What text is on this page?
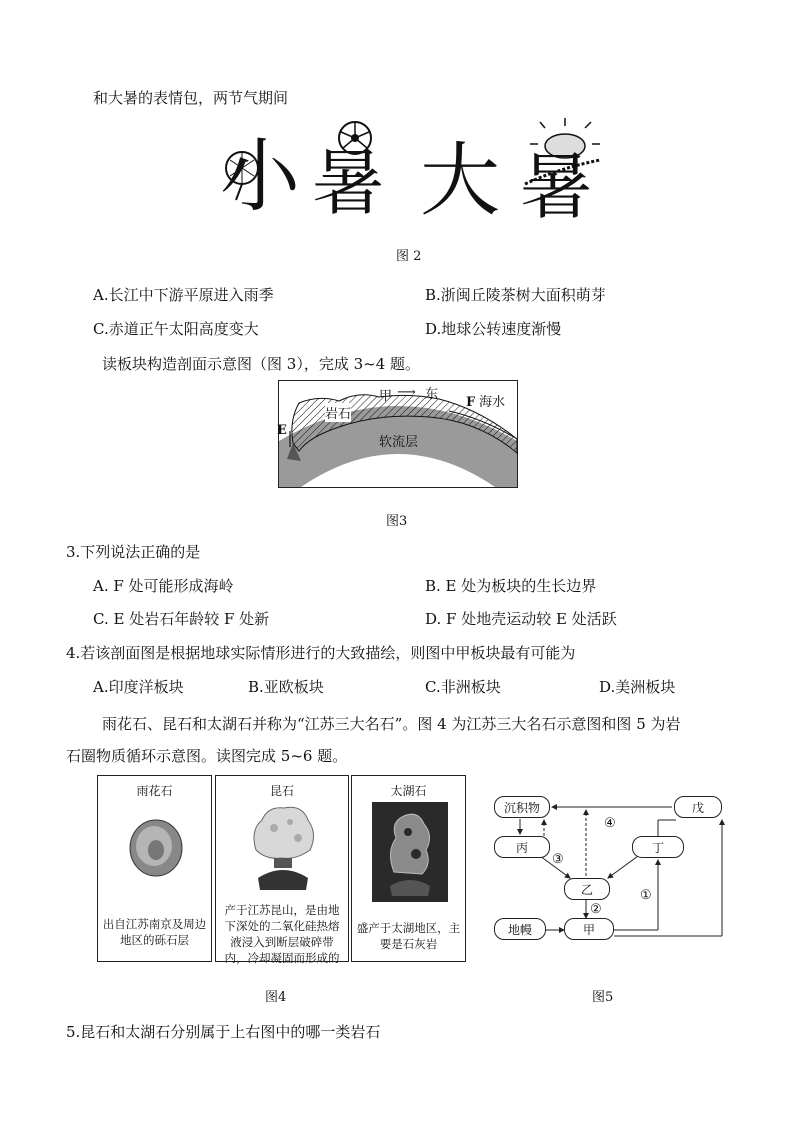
和大暑的表情包，两节气期间
小 暑 大 暑
图 2
A.长江中下游平原进入雨季	B.浙闽丘陵茶树大面积萌芽
C.赤道正午太阳高度变大	D.地球公转速度渐慢
读板块构造剖面示意图（图 3），完成 3~4 题。
甲 ⟶ 东
岩石
海水
F
E
软流层
图3
3.下列说法正确的是
A. F 处可能形成海岭	B. E 处为板块的生长边界
C. E 处岩石年龄较 F 处新	D. F 处地壳运动较 E 处活跃
4.若该剖面图是根据地球实际情形进行的大致描绘，则图中甲板块最有可能为
A.印度洋板块	B.亚欧板块	C.非洲板块	D.美洲板块
雨花石、昆石和太湖石并称为“江苏三大名石”。图 4 为江苏三大名石示意图和图 5 为岩
石圈物质循环示意图。读图完成 5~6 题。
雨花石
出自江苏南京及周边地区的砾石层
昆石
产于江苏昆山，是由地下深处的二氧化硅热熔液浸入到断层破碎带内，冷却凝固而形成的
太湖石
盛产于太湖地区，主要是石灰岩
图4
沉积物	戊
丙	丁
乙
甲
地幔
①
②
③
④
图5
5.昆石和太湖石分别属于上右图中的哪一类岩石
